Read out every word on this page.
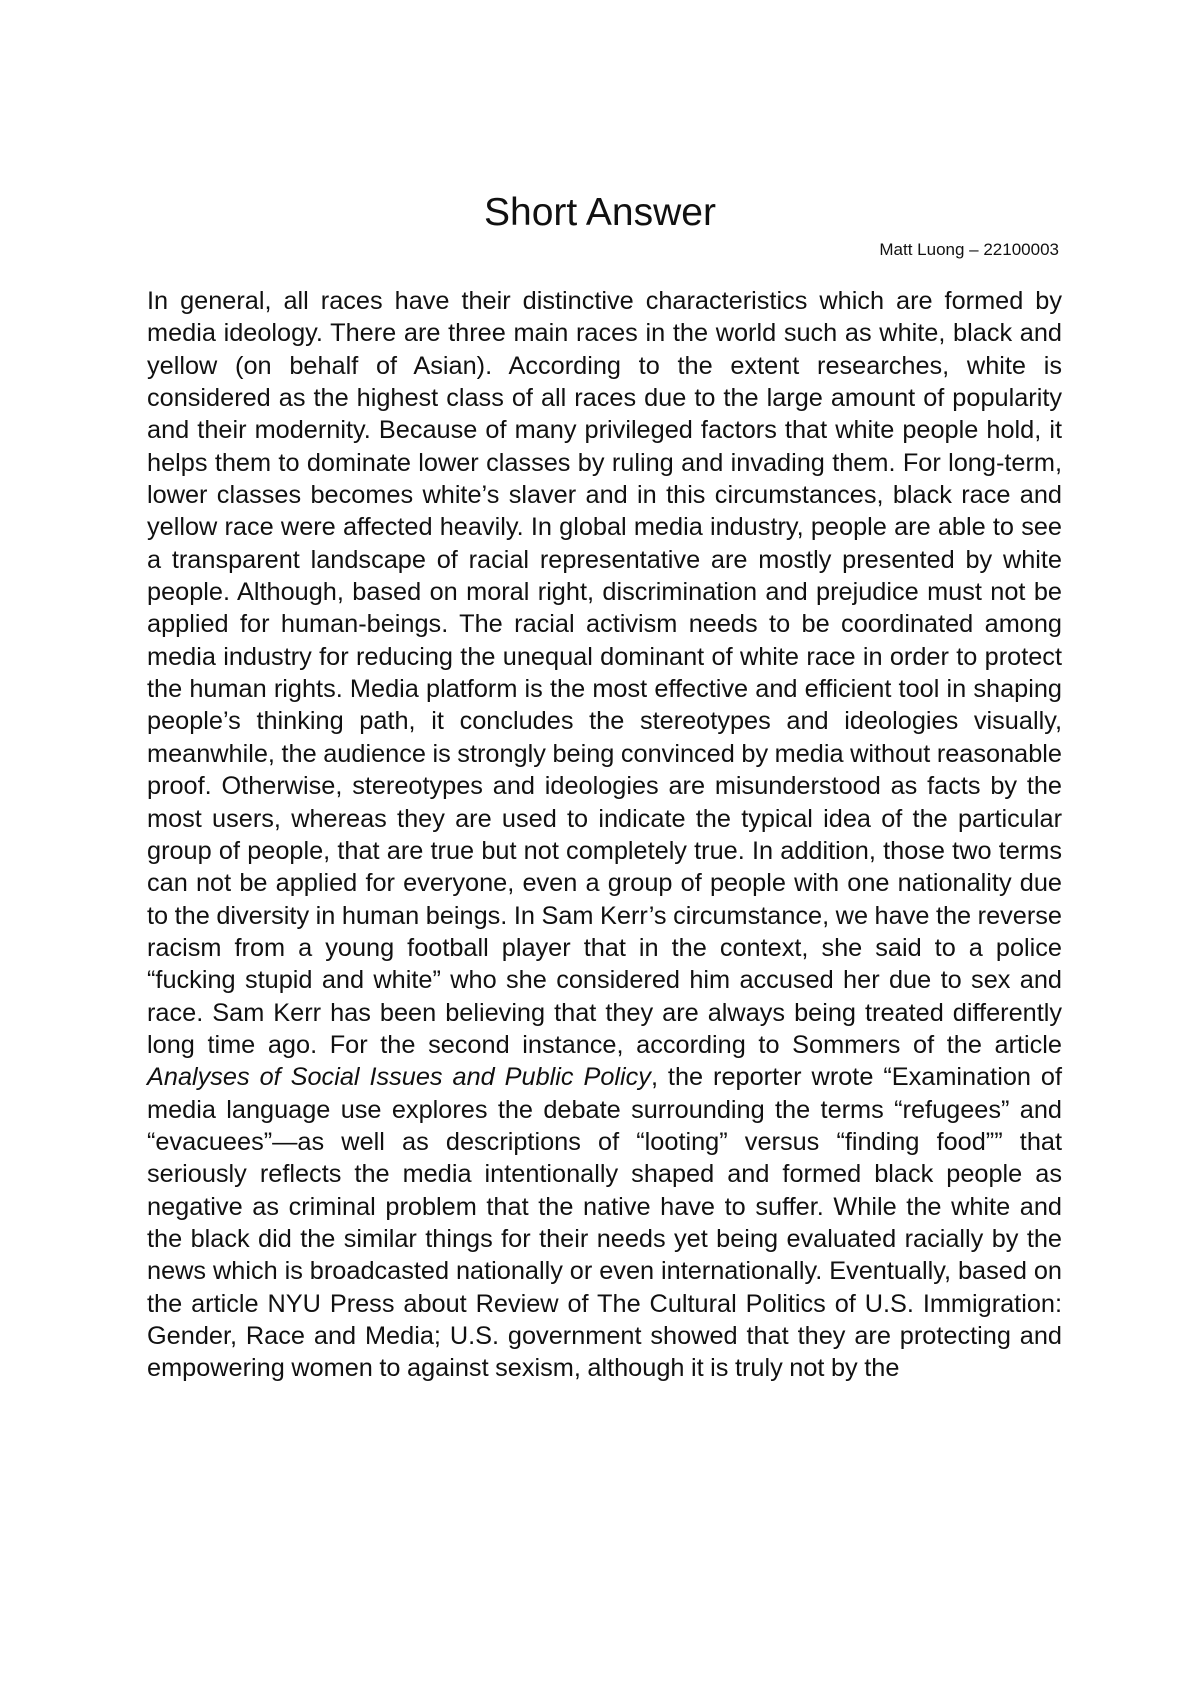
Short Answer
Matt Luong – 22100003

In general, all races have their distinctive characteristics which are formed by media ideology. There are three main races in the world such as white, black and yellow (on behalf of Asian). According to the extent researches, white is considered as the highest class of all races due to the large amount of popularity and their modernity. Because of many privileged factors that white people hold, it helps them to dominate lower classes by ruling and invading them. For long-term, lower classes becomes white’s slaver and in this circumstances, black race and yellow race were affected heavily. In global media industry, people are able to see a transparent landscape of racial representative are mostly presented by white people. Although, based on moral right, discrimination and prejudice must not be applied for human-beings. The racial activism needs to be coordinated among media industry for reducing the unequal dominant of white race in order to protect the human rights. Media platform is the most effective and efficient tool in shaping people’s thinking path, it concludes the stereotypes and ideologies visually, meanwhile, the audience is strongly being convinced by media without reasonable proof. Otherwise, stereotypes and ideologies are misunderstood as facts by the most users, whereas they are used to indicate the typical idea of the particular group of people, that are true but not completely true. In addition, those two terms can not be applied for everyone, even a group of people with one nationality due to the diversity in human beings. In Sam Kerr’s circumstance, we have the reverse racism from a young football player that in the context, she said to a police “fucking stupid and white” who she considered him accused her due to sex and race. Sam Kerr has been believing that they are always being treated differently long time ago. For the second instance, according to Sommers of the article Analyses of Social Issues and Public Policy, the reporter wrote “Examination of media language use explores the debate surrounding the terms “refugees” and “evacuees”—as well as descriptions of “looting” versus “finding food”” that seriously reflects the media intentionally shaped and formed black people as negative as criminal problem that the native have to suffer. While the white and the black did the similar things for their needs yet being evaluated racially by the news which is broadcasted nationally or even internationally. Eventually, based on the article NYU Press about Review of The Cultural Politics of U.S. Immigration: Gender, Race and Media; U.S. government showed that they are protecting and empowering women to against sexism, although it is truly not by the
